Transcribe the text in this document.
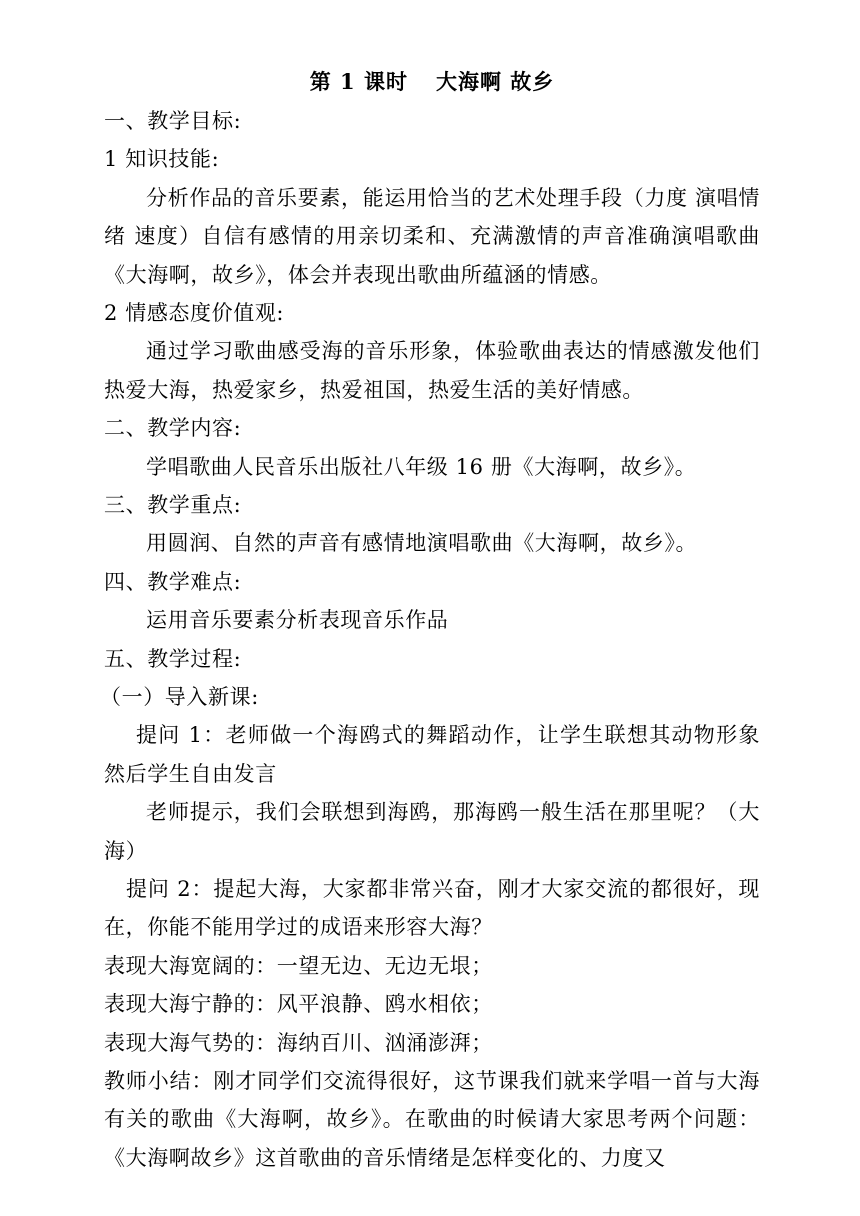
第 1 课时 大海啊 故乡

一、教学目标:

1 知识技能:

分析作品的音乐要素，能运用恰当的艺术处理手段（力度 演唱情绪 速度）自信有感情的用亲切柔和、充满激情的声音准确演唱歌曲《大海啊，故乡》，体会并表现出歌曲所蕴涵的情感。

2 情感态度价值观:

通过学习歌曲感受海的音乐形象，体验歌曲表达的情感激发他们热爱大海，热爱家乡，热爱祖国，热爱生活的美好情感。

二、教学内容:

学唱歌曲人民音乐出版社八年级 16 册《大海啊，故乡》。

三、教学重点:

用圆润、自然的声音有感情地演唱歌曲《大海啊，故乡》。

四、教学难点:

运用音乐要素分析表现音乐作品

五、教学过程:

（一）导入新课:

提问 1：老师做一个海鸥式的舞蹈动作，让学生联想其动物形象然后学生自由发言

老师提示，我们会联想到海鸥，那海鸥一般生活在那里呢？（大海）

提问 2：提起大海，大家都非常兴奋，刚才大家交流的都很好，现在，你能不能用学过的成语来形容大海？

表现大海宽阔的：一望无边、无边无垠；

表现大海宁静的：风平浪静、鸥水相依；

表现大海气势的：海纳百川、汹涌澎湃；

教师小结：刚才同学们交流得很好，这节课我们就来学唱一首与大海有关的歌曲《大海啊，故乡》。在歌曲的时候请大家思考两个问题：《大海啊故乡》这首歌曲的音乐情绪是怎样变化的、力度又
